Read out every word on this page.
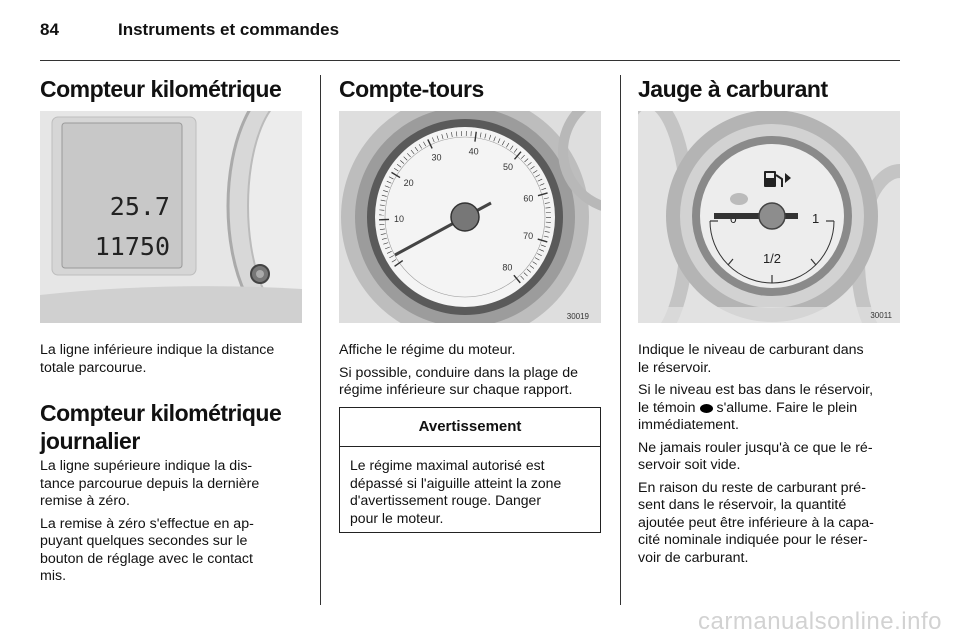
84	Instruments et commandes
Compteur kilométrique
25.7
11750

La ligne inférieure indique la distance totale parcourue.

Compteur kilométrique
journalier

La ligne supérieure indique la dis-
tance parcourue depuis la dernière
remise à zéro.

La remise à zéro s'effectue en ap-
puyant quelques secondes sur le
bouton de réglage avec le contact
mis.

Compte-tours
10
20
30
40
50
60
70
80
30019

Affiche le régime du moteur.

Si possible, conduire dans la plage de
régime inférieure sur chaque rapport.

Avertissement
Le régime maximal autorisé est
dépassé si l'aiguille atteint la zone
d'avertissement rouge. Danger
pour le moteur.
Jauge à carburant
1/2
1
30011

Indique le niveau de carburant dans
le réservoir.

Si le niveau est bas dans le réservoir,
le témoin s'allume. Faire le plein
immédiatement.

Ne jamais rouler jusqu'à ce que le ré-
servoir soit vide.

En raison du reste de carburant pré-
sent dans le réservoir, la quantité
ajoutée peut être inférieure à la capa-
cité nominale indiquée pour le réser-
voir de carburant.

carmanualsonline.info
